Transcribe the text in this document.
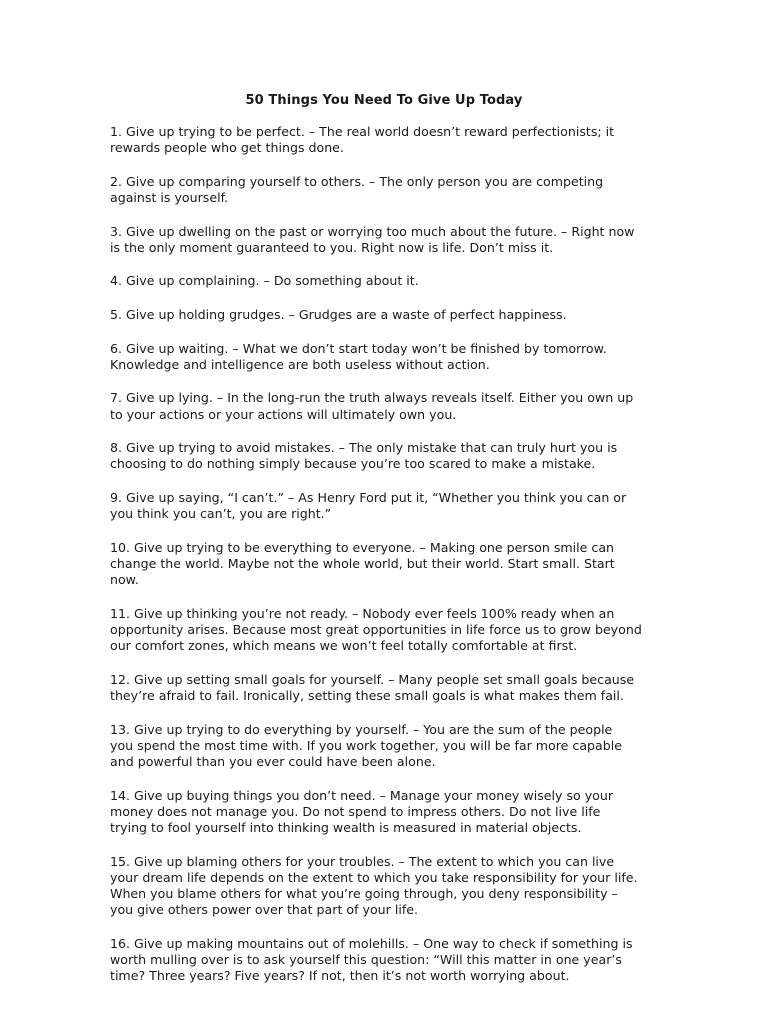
50 Things You Need To Give Up Today
1. Give up trying to be perfect. – The real world doesn’t reward perfectionists; it
rewards people who get things done.
2. Give up comparing yourself to others. – The only person you are competing
against is yourself.
3. Give up dwelling on the past or worrying too much about the future. – Right now
is the only moment guaranteed to you. Right now is life. Don’t miss it.
4. Give up complaining. – Do something about it.
5. Give up holding grudges. – Grudges are a waste of perfect happiness.
6. Give up waiting. – What we don’t start today won’t be finished by tomorrow.
Knowledge and intelligence are both useless without action.
7. Give up lying. – In the long-run the truth always reveals itself. Either you own up
to your actions or your actions will ultimately own you.
8. Give up trying to avoid mistakes. – The only mistake that can truly hurt you is
choosing to do nothing simply because you’re too scared to make a mistake.
9. Give up saying, “I can’t.” – As Henry Ford put it, “Whether you think you can or
you think you can’t, you are right.”
10. Give up trying to be everything to everyone. – Making one person smile can
change the world. Maybe not the whole world, but their world. Start small. Start
now.
11. Give up thinking you’re not ready. – Nobody ever feels 100% ready when an
opportunity arises. Because most great opportunities in life force us to grow beyond
our comfort zones, which means we won’t feel totally comfortable at first.
12. Give up setting small goals for yourself. – Many people set small goals because
they’re afraid to fail. Ironically, setting these small goals is what makes them fail.
13. Give up trying to do everything by yourself. – You are the sum of the people
you spend the most time with. If you work together, you will be far more capable
and powerful than you ever could have been alone.
14. Give up buying things you don’t need. – Manage your money wisely so your
money does not manage you. Do not spend to impress others. Do not live life
trying to fool yourself into thinking wealth is measured in material objects.
15. Give up blaming others for your troubles. – The extent to which you can live
your dream life depends on the extent to which you take responsibility for your life.
When you blame others for what you’re going through, you deny responsibility –
you give others power over that part of your life.
16. Give up making mountains out of molehills. – One way to check if something is
worth mulling over is to ask yourself this question: “Will this matter in one year’s
time? Three years? Five years? If not, then it’s not worth worrying about.
